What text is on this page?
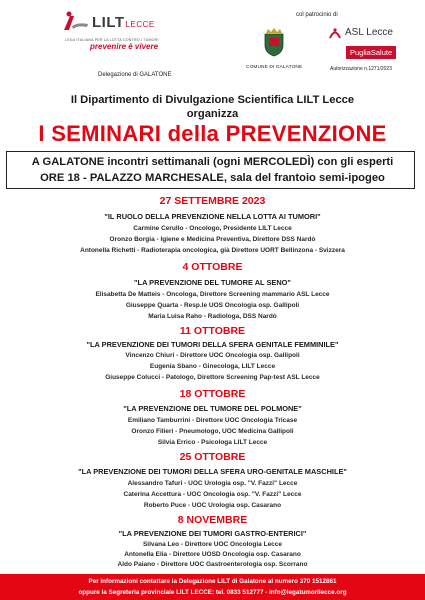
LILTLECCE
LEGA ITALIANA PER LA LOTTA CONTRO I TUMORI
prevenire è vivere
Delegazione di GALATONE
col patrocinio di
COMUNE DI GALATONE
ASL Lecce
PugliaSalute
Autorizzazione n.1271/2023
Il Dipartimento di Divulgazione Scientifica LILT Lecce
organizza
I SEMINARI della PREVENZIONE
A GALATONE incontri settimanali (ogni MERCOLEDÌ) con gli esperti
ORE 18 - PALAZZO MARCHESALE, sala del frantoio semi-ipogeo
27 SETTEMBRE 2023
"IL RUOLO DELLA PREVENZIONE NELLA LOTTA AI TUMORI"
Carmine Cerullo - Oncologo, Presidente LILT Lecce
Oronzo Borgia - Igiene e Medicina Preventiva, Direttore DSS Nardò
Antonella Richetti - Radioterapia oncologica, già Direttore UORT Bellinzona - Svizzera
4 OTTOBRE
"LA PREVENZIONE DEL TUMORE AL SENO"
Elisabetta De Matteis - Oncologa, Direttore Screening mammario ASL Lecce
Giuseppe Quarta - Resp.le UOS Oncologia osp. Gallipoli
Maria Luisa Raho - Radiologa, DSS Nardò
11 OTTOBRE
"LA PREVENZIONE DEI TUMORI DELLA SFERA GENITALE FEMMINILE"
Vincenzo Chiuri - Direttore UOC Oncologia osp. Gallipoli
Eugenia Sbano - Ginecologa, LILT Lecce
Giuseppe Colucci - Patologo, Direttore Screening Pap-test ASL Lecce
18 OTTOBRE
"LA PREVENZIONE DEL TUMORE DEL POLMONE"
Emiliano Tamburrini - Direttore UOC Oncologia Tricase
Oronzo Filieri - Pneumologo, UOC Medicina Gallipoli
Silvia Errico - Psicologa LILT Lecce
25 OTTOBRE
"LA PREVENZIONE DEI TUMORI DELLA SFERA URO-GENITALE MASCHILE"
Alessandro Tafuri - UOC Urologia osp. "V. Fazzi" Lecce
Caterina Accettura - UOC Oncologia osp. "V. Fazzi" Lecce
Roberto Puce - UOC Urologia osp. Casarano
8 NOVEMBRE
"LA PREVENZIONE DEI TUMORI GASTRO-ENTERICI"
Silvana Leo - Direttore UOC Oncologia Lecce
Antonella Elia - Direttore UOSD Oncologia osp. Casarano
Aldo Paiano - Direttore UOC Gastroenterologia osp. Scorrano
Per informazioni contattare la Delegazione LILT di Galatone al numero 370 1512861
oppure la Segreteria provinciale LILT LECCE: tel. 0833 512777 - info@legatumorilecce.org
